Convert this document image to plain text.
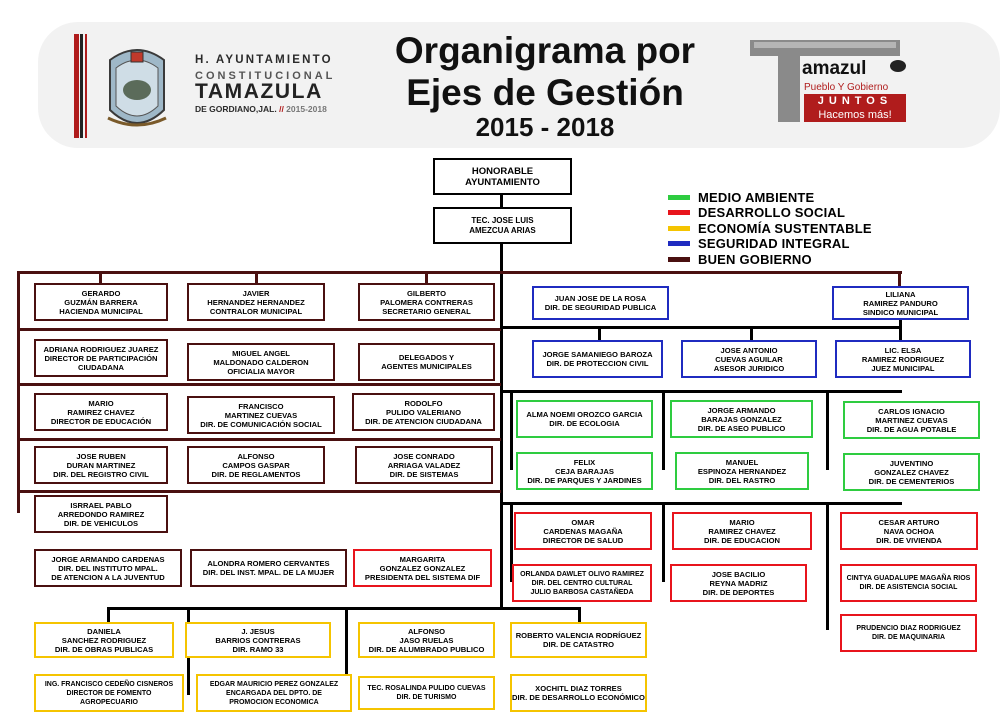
H. AYUNTAMIENTO
CONSTITUCIONAL
TAMAZULA
DE GORDIANO,JAL. // 2015-2018
Organigrama por
Ejes de Gestión
2015 - 2018
amazul
Pueblo Y Gobierno
JUNTOS
Hacemos más!
MEDIO AMBIENTE
DESARROLLO SOCIAL
ECONOMÍA SUSTENTABLE
SEGURIDAD INTEGRAL
BUEN GOBIERNO
HONORABLE
AYUNTAMIENTO
TEC. JOSE LUIS
AMEZCUA ARIAS
GERARDO
GUZMÁN BARRERA
HACIENDA MUNICIPAL
JAVIER
HERNANDEZ HERNANDEZ
CONTRALOR MUNICIPAL
GILBERTO
PALOMERA CONTRERAS
SECRETARIO GENERAL
ADRIANA RODRIGUEZ JUAREZ
DIRECTOR DE PARTICIPACIÓN
CIUDADANA
MIGUEL ANGEL
MALDONADO CALDERON
OFICIALIA MAYOR
DELEGADOS Y
AGENTES MUNICIPALES
MARIO
RAMIREZ CHAVEZ
DIRECTOR DE EDUCACIÓN
FRANCISCO
MARTINEZ CUEVAS
DIR. DE COMUNICACIÓN SOCIAL
RODOLFO
PULIDO VALERIANO
DIR. DE ATENCION CIUDADANA
JOSE RUBEN
DURAN MARTINEZ
DIR. DEL REGISTRO CIVIL
ALFONSO
CAMPOS GASPAR
DIR. DE REGLAMENTOS
JOSE CONRADO
ARRIAGA VALADEZ
DIR. DE SISTEMAS
ISRRAEL PABLO
ARREDONDO RAMIREZ
DIR. DE VEHICULOS
JORGE ARMANDO CARDENAS
DIR. DEL INSTITUTO MPAL.
DE ATENCION A LA JUVENTUD
ALONDRA ROMERO CERVANTES
DIR. DEL INST. MPAL. DE LA MUJER
MARGARITA
GONZALEZ GONZALEZ
PRESIDENTA DEL SISTEMA DIF
JUAN JOSE DE LA ROSA
DIR. DE SEGURIDAD PUBLICA
LILIANA
RAMIREZ PANDURO
SINDICO MUNICIPAL
JORGE SAMANIEGO BAROZA
DIR. DE PROTECCION CIVIL
JOSE ANTONIO
CUEVAS AGUILAR
ASESOR JURIDICO
LIC. ELSA
RAMIREZ RODRIGUEZ
JUEZ MUNICIPAL
ALMA NOEMI OROZCO GARCIA
DIR. DE ECOLOGIA
JORGE ARMANDO
BARAJAS GONZALEZ
DIR. DE ASEO PUBLICO
CARLOS IGNACIO
MARTINEZ CUEVAS
DIR. DE AGUA POTABLE
FELIX
CEJA BARAJAS
DIR. DE PARQUES Y JARDINES
MANUEL
ESPINOZA HERNANDEZ
DIR. DEL RASTRO
JUVENTINO
GONZALEZ CHAVEZ
DIR. DE CEMENTERIOS
OMAR
CARDENAS MAGAÑA
DIRECTOR DE SALUD
MARIO
RAMIREZ CHAVEZ
DIR. DE EDUCACION
CESAR ARTURO
NAVA OCHOA
DIR. DE VIVIENDA
ORLANDA DAWLET OLIVO RAMIREZ
DIR. DEL CENTRO CULTURAL
JULIO BARBOSA CASTAÑEDA
JOSE BACILIO
REYNA MADRIZ
DIR. DE DEPORTES
CINTYA GUADALUPE MAGAÑA RIOS
DIR. DE ASISTENCIA SOCIAL
PRUDENCIO DIAZ RODRIGUEZ
DIR. DE MAQUINARIA
DANIELA
SANCHEZ RODRIGUEZ
DIR. DE OBRAS PUBLICAS
J. JESUS
BARRIOS CONTRERAS
DIR. RAMO 33
ALFONSO
JASO RUELAS
DIR. DE ALUMBRADO PUBLICO
ROBERTO VALENCIA RODRÍGUEZ
DIR. DE CATASTRO
ING. FRANCISCO CEDEÑO CISNEROS
DIRECTOR DE FOMENTO
AGROPECUARIO
EDGAR MAURICIO PEREZ GONZALEZ
ENCARGADA DEL DPTO. DE
PROMOCION ECONOMICA
TEC. ROSALINDA PULIDO CUEVAS
DIR. DE TURISMO
XOCHITL DIAZ TORRES
DIR. DE DESARROLLO ECONÓMICO
